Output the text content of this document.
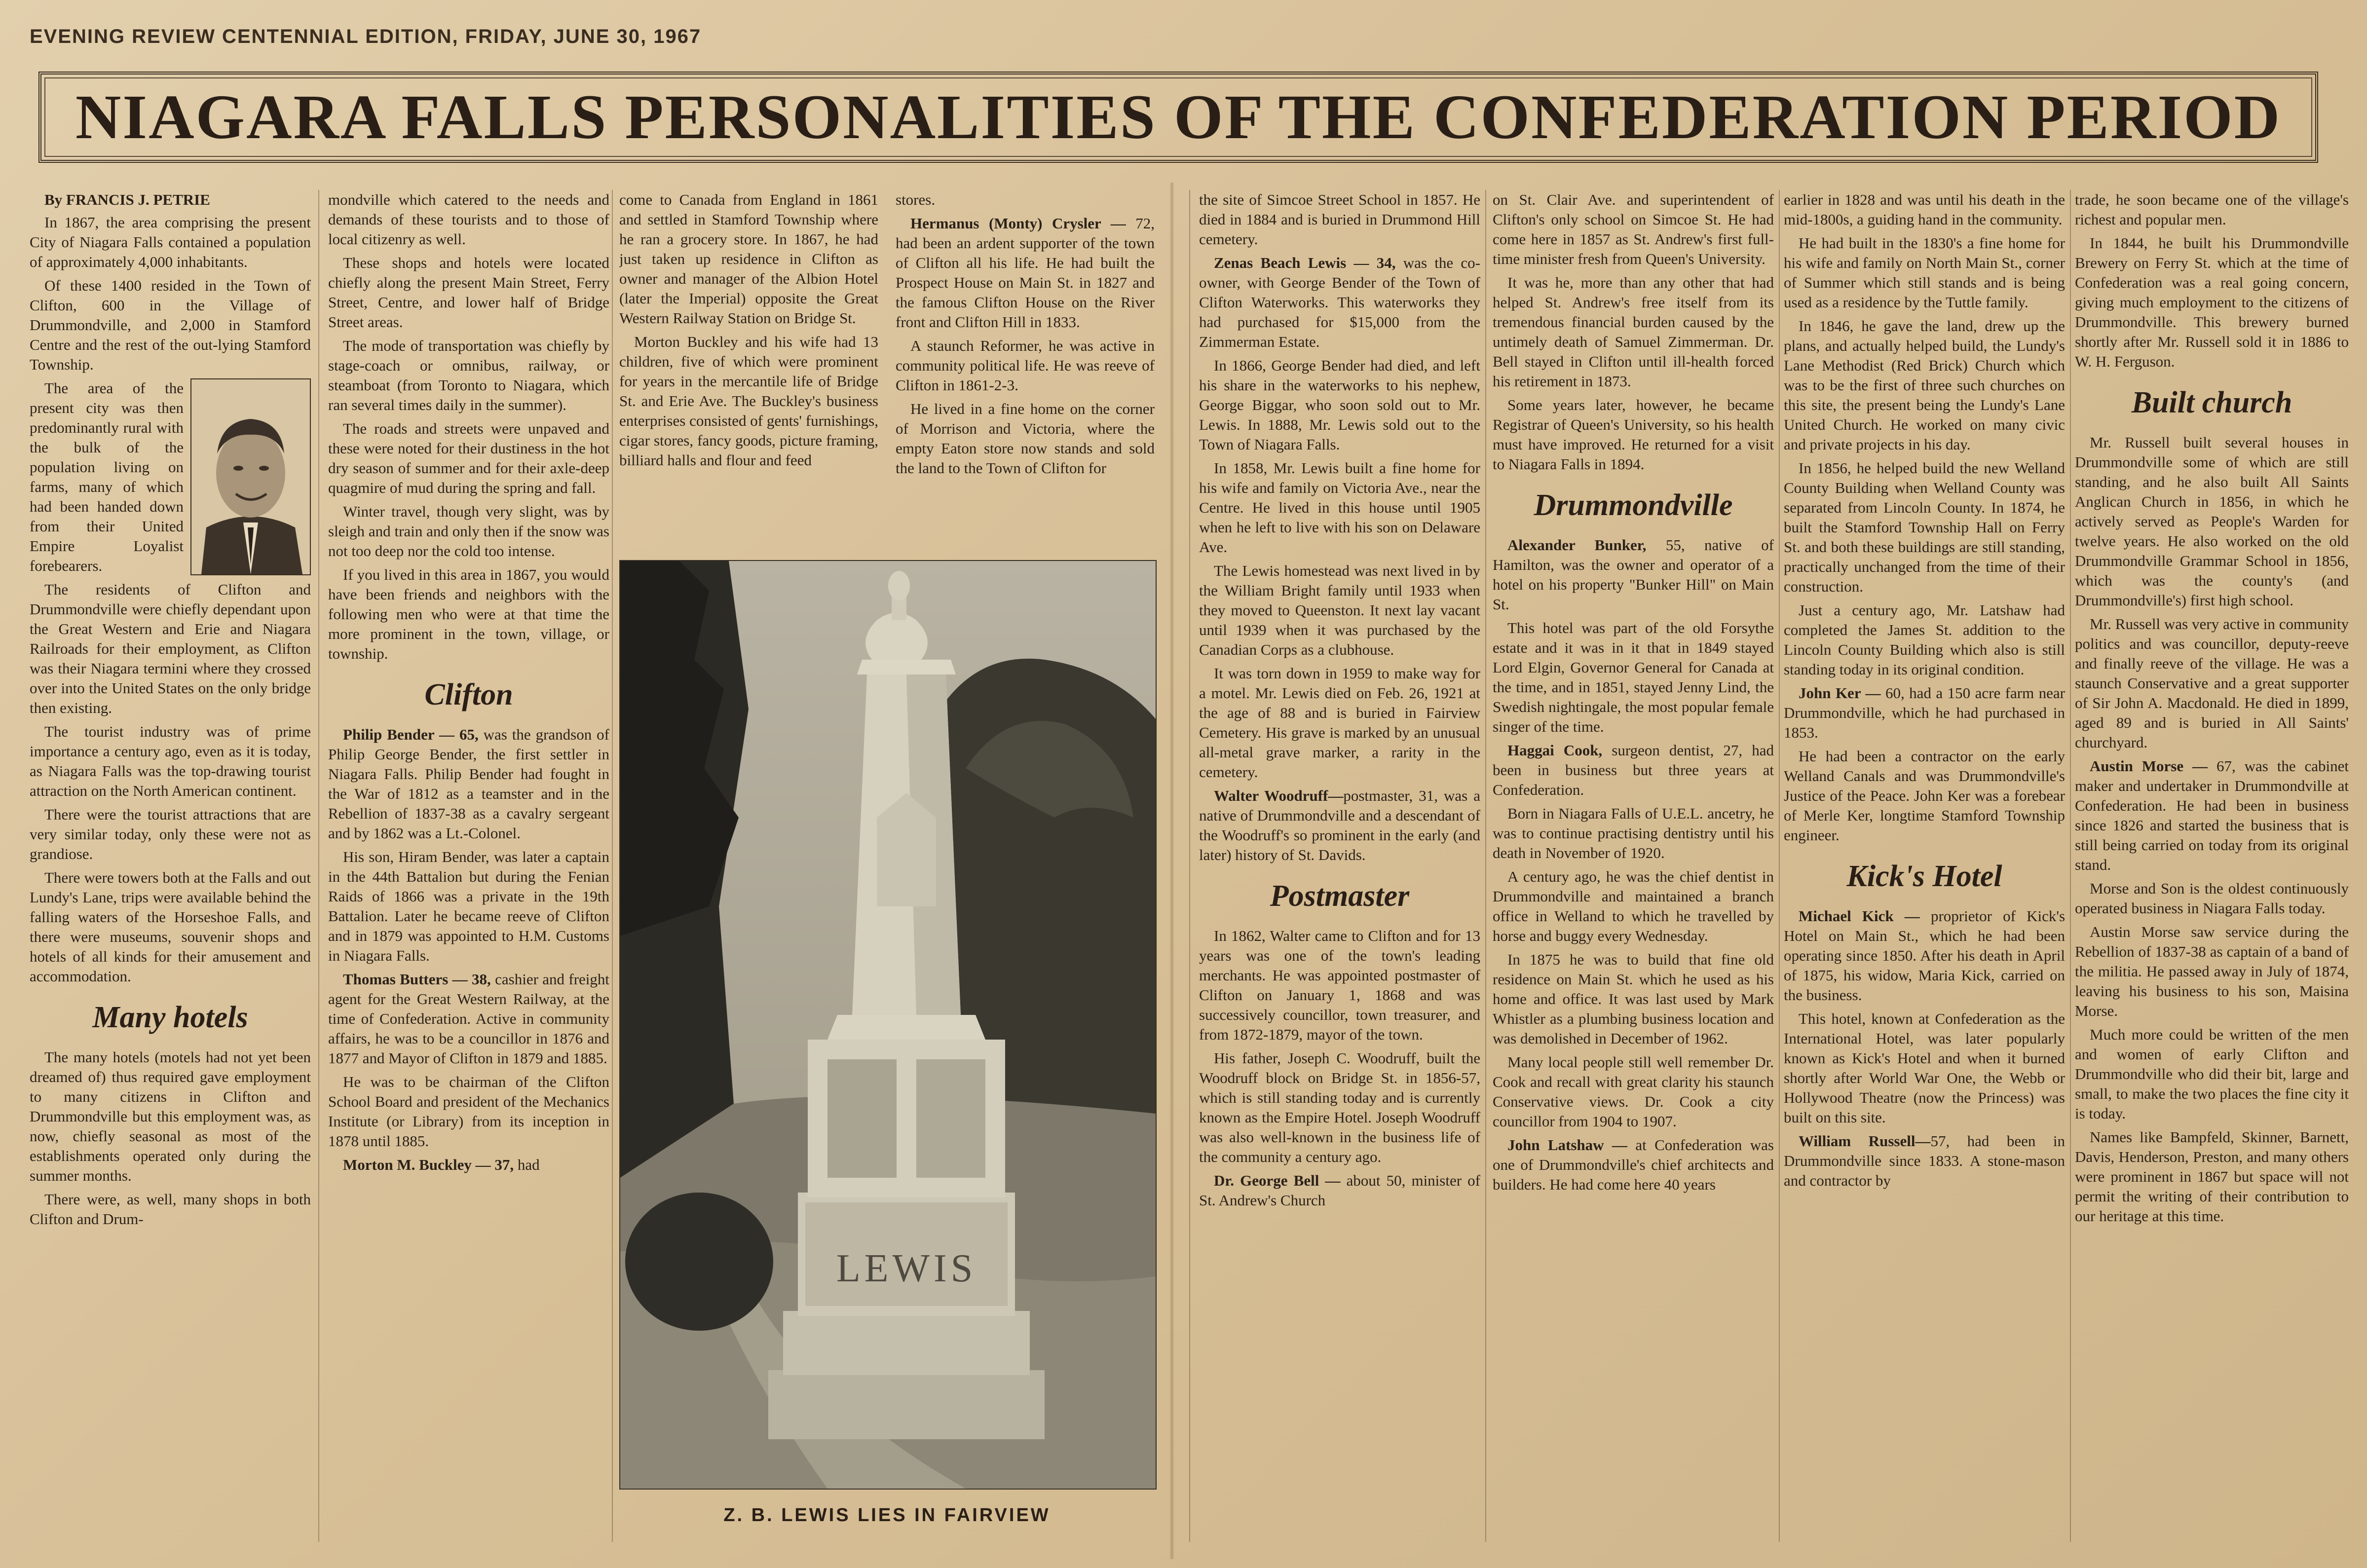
EVENING REVIEW CENTENNIAL EDITION, FRIDAY, JUNE 30, 1967
NIAGARA FALLS PERSONALITIES OF THE CONFEDERATION PERIOD
By FRANCIS J. PETRIE

In 1867, the area comprising the present City of Niagara Falls contained a population of approximately 4,000 inhabitants.

Of these 1400 resided in the Town of Clifton, 600 in the Village of Drummondville, and 2,000 in Stamford Centre and the rest of the out-lying Stamford Township.

The area of the present city was then predominantly rural with the bulk of the population living on farms, many of which had been handed down from their United Empire Loyalist forebearers.

The residents of Clifton and Drummondville were chiefly dependant upon the Great Western and Erie and Niagara Railroads for their employment, as Clifton was their Niagara termini where they crossed over into the United States on the only bridge then existing.

The tourist industry was of prime importance a century ago, even as it is today, as Niagara Falls was the top-drawing tourist attraction on the North American continent.

There were the tourist attractions that are very similar today, only these were not as grandiose.

There were towers both at the Falls and out Lundy's Lane, trips were available behind the falling waters of the Horseshoe Falls, and there were museums, souvenir shops and hotels of all kinds for their amusement and accommodation.

Many hotels

The many hotels (motels had not yet been dreamed of) thus required gave employment to many citizens in Clifton and Drummondville but this employment was, as now, chiefly seasonal as most of the establishments operated only during the summer months.

There were, as well, many shops in both Clifton and Drum-

mondville which catered to the needs and demands of these tourists and to those of local citizenry as well.

These shops and hotels were located chiefly along the present Main Street, Ferry Street, Centre, and lower half of Bridge Street areas.

The mode of transportation was chiefly by stage-coach or omnibus, railway, or steamboat (from Toronto to Niagara, which ran several times daily in the summer).

The roads and streets were unpaved and these were noted for their dustiness in the hot dry season of summer and for their axle-deep quagmire of mud during the spring and fall.

Winter travel, though very slight, was by sleigh and train and only then if the snow was not too deep nor the cold too intense.

If you lived in this area in 1867, you would have been friends and neighbors with the following men who were at that time the more prominent in the town, village, or township.

Clifton

Philip Bender — 65, was the grandson of Philip George Bender, the first settler in Niagara Falls. Philip Bender had fought in the War of 1812 as a teamster and in the Rebellion of 1837-38 as a cavalry sergeant and by 1862 was a Lt.-Colonel.

His son, Hiram Bender, was later a captain in the 44th Battalion but during the Fenian Raids of 1866 was a private in the 19th Battalion. Later he became reeve of Clifton and in 1879 was appointed to H.M. Customs in Niagara Falls.

Thomas Butters — 38, cashier and freight agent for the Great Western Railway, at the time of Confederation. Active in community affairs, he was to be a councillor in 1876 and 1877 and Mayor of Clifton in 1879 and 1885.

He was to be chairman of the Clifton School Board and president of the Mechanics Institute (or Library) from its inception in 1878 until 1885.

Morton M. Buckley — 37, had

come to Canada from England in 1861 and settled in Stamford Township where he ran a grocery store. In 1867, he had just taken up residence in Clifton as owner and manager of the Albion Hotel (later the Imperial) opposite the Great Western Railway Station on Bridge St.

Morton Buckley and his wife had 13 children, five of which were prominent for years in the mercantile life of Bridge St. and Erie Ave. The Buckley's business enterprises consisted of gents' furnishings, cigar stores, fancy goods, picture framing, billiard halls and flour and feed

stores.

Hermanus (Monty) Crysler — 72, had been an ardent supporter of the town of Clifton all his life. He had built the Prospect House on Main St. in 1827 and the famous Clifton House on the River front and Clifton Hill in 1833.

A staunch Reformer, he was active in community political life. He was reeve of Clifton in 1861-2-3.

He lived in a fine home on the corner of Morrison and Victoria, where the empty Eaton store now stands and sold the land to the Town of Clifton for

LEWIS
Z. B. LEWIS LIES IN FAIRVIEW

the site of Simcoe Street School in 1857. He died in 1884 and is buried in Drummond Hill cemetery.

Zenas Beach Lewis — 34, was the co-owner, with George Bender of the Town of Clifton Waterworks. This waterworks they had purchased for $15,000 from the Zimmerman Estate.

In 1866, George Bender had died, and left his share in the waterworks to his nephew, George Biggar, who soon sold out to Mr. Lewis. In 1888, Mr. Lewis sold out to the Town of Niagara Falls.

In 1858, Mr. Lewis built a fine home for his wife and family on Victoria Ave., near the Centre. He lived in this house until 1905 when he left to live with his son on Delaware Ave.

The Lewis homestead was next lived in by the William Bright family until 1933 when they moved to Queenston. It next lay vacant until 1939 when it was purchased by the Canadian Corps as a clubhouse.

It was torn down in 1959 to make way for a motel. Mr. Lewis died on Feb. 26, 1921 at the age of 88 and is buried in Fairview Cemetery. His grave is marked by an unusual all-metal grave marker, a rarity in the cemetery.

Walter Woodruff—postmaster, 31, was a native of Drummondville and a descendant of the Woodruff's so prominent in the early (and later) history of St. Davids.

Postmaster

In 1862, Walter came to Clifton and for 13 years was one of the town's leading merchants. He was appointed postmaster of Clifton on January 1, 1868 and was successively councillor, town treasurer, and from 1872-1879, mayor of the town.

His father, Joseph C. Woodruff, built the Woodruff block on Bridge St. in 1856-57, which is still standing today and is currently known as the Empire Hotel. Joseph Woodruff was also well-known in the business life of the community a century ago.

Dr. George Bell — about 50, minister of St. Andrew's Church

on St. Clair Ave. and superintendent of Clifton's only school on Simcoe St. He had come here in 1857 as St. Andrew's first full-time minister fresh from Queen's University.

It was he, more than any other that had helped St. Andrew's free itself from its tremendous financial burden caused by the untimely death of Samuel Zimmerman. Dr. Bell stayed in Clifton until ill-health forced his retirement in 1873.

Some years later, however, he became Registrar of Queen's University, so his health must have improved. He returned for a visit to Niagara Falls in 1894.

Drummondville

Alexander Bunker, 55, native of Hamilton, was the owner and operator of a hotel on his property "Bunker Hill" on Main St.

This hotel was part of the old Forsythe estate and it was in it that in 1849 stayed Lord Elgin, Governor General for Canada at the time, and in 1851, stayed Jenny Lind, the Swedish nightingale, the most popular female singer of the time.

Haggai Cook, surgeon dentist, 27, had been in business but three years at Confederation.

Born in Niagara Falls of U.E.L. ancetry, he was to continue practising dentistry until his death in November of 1920.

A century ago, he was the chief dentist in Drummondville and maintained a branch office in Welland to which he travelled by horse and buggy every Wednesday.

In 1875 he was to build that fine old residence on Main St. which he used as his home and office. It was last used by Mark Whistler as a plumbing business location and was demolished in December of 1962.

Many local people still well remember Dr. Cook and recall with great clarity his staunch Conservative views. Dr. Cook a city councillor from 1904 to 1907.

John Latshaw — at Confederation was one of Drummondville's chief architects and builders. He had come here 40 years

earlier in 1828 and was until his death in the mid-1800s, a guiding hand in the community.

He had built in the 1830's a fine home for his wife and family on North Main St., corner of Summer which still stands and is being used as a residence by the Tuttle family.

In 1846, he gave the land, drew up the plans, and actually helped build, the Lundy's Lane Methodist (Red Brick) Church which was to be the first of three such churches on this site, the present being the Lundy's Lane United Church. He worked on many civic and private projects in his day.

In 1856, he helped build the new Welland County Building when Welland County was separated from Lincoln County. In 1874, he built the Stamford Township Hall on Ferry St. and both these buildings are still standing, practically unchanged from the time of their construction.

Just a century ago, Mr. Latshaw had completed the James St. addition to the Lincoln County Building which also is still standing today in its original condition.

John Ker — 60, had a 150 acre farm near Drummondville, which he had purchased in 1853.

He had been a contractor on the early Welland Canals and was Drummondville's Justice of the Peace. John Ker was a forebear of Merle Ker, longtime Stamford Township engineer.

Kick's Hotel

Michael Kick — proprietor of Kick's Hotel on Main St., which he had been operating since 1850. After his death in April of 1875, his widow, Maria Kick, carried on the business.

This hotel, known at Confederation as the International Hotel, was later popularly known as Kick's Hotel and when it burned shortly after World War One, the Webb or Hollywood Theatre (now the Princess) was built on this site.

William Russell—57, had been in Drummondville since 1833. A stone-mason and contractor by

trade, he soon became one of the village's richest and popular men.

In 1844, he built his Drummondville Brewery on Ferry St. which at the time of Confederation was a real going concern, giving much employment to the citizens of Drummondville. This brewery burned shortly after Mr. Russell sold it in 1886 to W. H. Ferguson.

Built church

Mr. Russell built several houses in Drummondville some of which are still standing, and he also built All Saints Anglican Church in 1856, in which he actively served as People's Warden for twelve years. He also worked on the old Drummondville Grammar School in 1856, which was the county's (and Drummondville's) first high school.

Mr. Russell was very active in community politics and was councillor, deputy-reeve and finally reeve of the village. He was a staunch Conservative and a great supporter of Sir John A. Macdonald. He died in 1899, aged 89 and is buried in All Saints' churchyard.

Austin Morse — 67, was the cabinet maker and undertaker in Drummondville at Confederation. He had been in business since 1826 and started the business that is still being carried on today from its original stand.

Morse and Son is the oldest continuously operated business in Niagara Falls today.

Austin Morse saw service during the Rebellion of 1837-38 as captain of a band of the militia. He passed away in July of 1874, leaving his business to his son, Maisina Morse.

Much more could be written of the men and women of early Clifton and Drummondville who did their bit, large and small, to make the two places the fine city it is today.

Names like Bampfeld, Skinner, Barnett, Davis, Henderson, Preston, and many others were prominent in 1867 but space will not permit the writing of their contribution to our heritage at this time.
